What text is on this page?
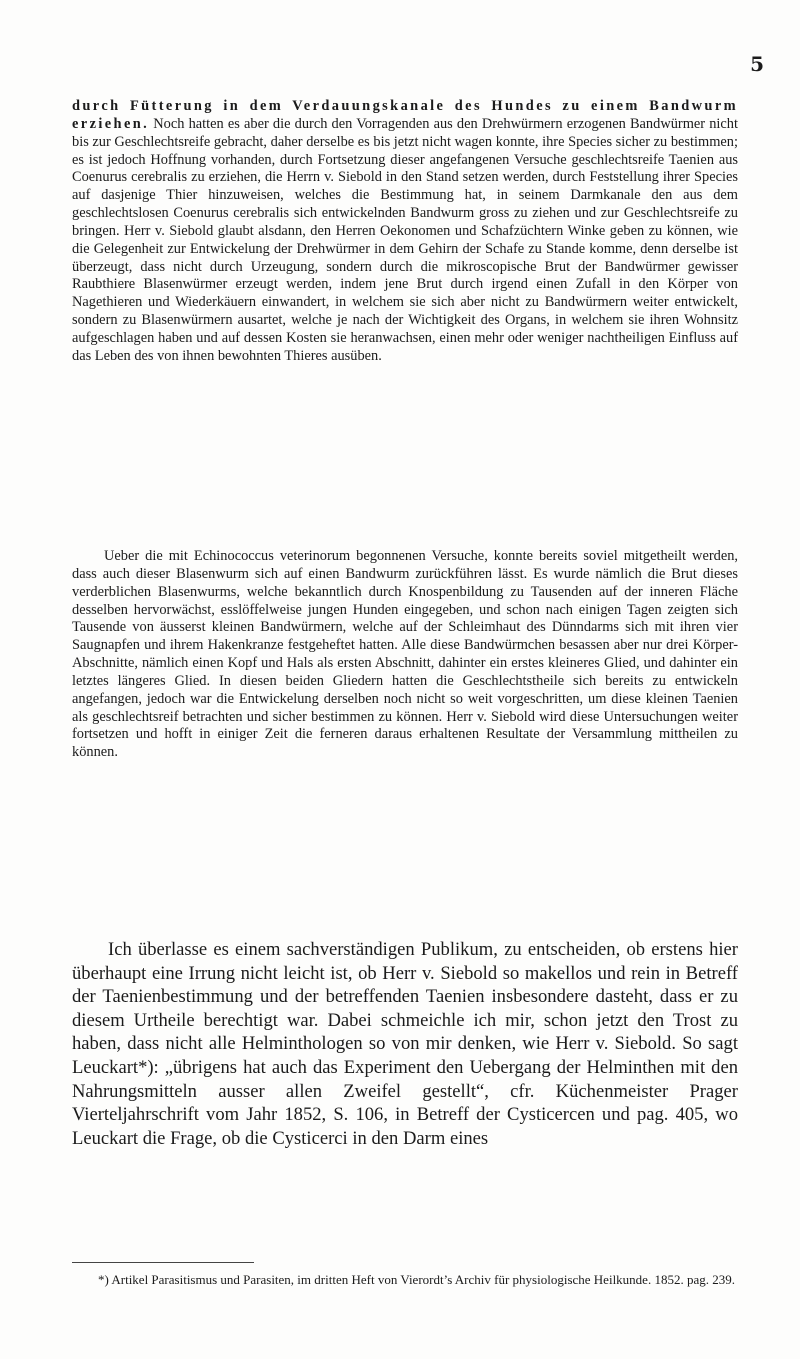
5

durch Fütterung in dem Verdauungskanale des Hundes zu einem Bandwurm erziehen. Noch hatten es aber die durch den Vorragenden aus den Drehwürmern erzogenen Bandwürmer nicht bis zur Geschlechtsreife gebracht, daher derselbe es bis jetzt nicht wagen konnte, ihre Species sicher zu bestimmen; es ist jedoch Hoffnung vorhanden, durch Fortsetzung dieser angefangenen Versuche geschlechtsreife Taenien aus Coenurus cerebralis zu erziehen, die Herrn v. Siebold in den Stand setzen werden, durch Feststellung ihrer Species auf dasjenige Thier hinzuweisen, welches die Bestimmung hat, in seinem Darmkanale den aus dem geschlechtslosen Coenurus cerebralis sich entwickelnden Bandwurm gross zu ziehen und zur Geschlechtsreife zu bringen. Herr v. Siebold glaubt alsdann, den Herren Oekonomen und Schafzüchtern Winke geben zu können, wie die Gelegenheit zur Entwickelung der Drehwürmer in dem Gehirn der Schafe zu Stande komme, denn derselbe ist überzeugt, dass nicht durch Urzeugung, sondern durch die mikroscopische Brut der Bandwürmer gewisser Raubthiere Blasenwürmer erzeugt werden, indem jene Brut durch irgend einen Zufall in den Körper von Nagethieren und Wiederkäuern einwandert, in welchem sie sich aber nicht zu Bandwürmern weiter entwickelt, sondern zu Blasenwürmern ausartet, welche je nach der Wichtigkeit des Organs, in welchem sie ihren Wohnsitz aufgeschlagen haben und auf dessen Kosten sie heranwachsen, einen mehr oder weniger nachtheiligen Einfluss auf das Leben des von ihnen bewohnten Thieres ausüben.

Ueber die mit Echinococcus veterinorum begonnenen Versuche, konnte bereits soviel mitgetheilt werden, dass auch dieser Blasenwurm sich auf einen Bandwurm zurückführen lässt. Es wurde nämlich die Brut dieses verderblichen Blasenwurms, welche bekanntlich durch Knospenbildung zu Tausenden auf der inneren Fläche desselben hervorwächst, esslöffelweise jungen Hunden eingegeben, und schon nach einigen Tagen zeigten sich Tausende von äusserst kleinen Bandwürmern, welche auf der Schleimhaut des Dünndarms sich mit ihren vier Saugnapfen und ihrem Hakenkranze festgeheftet hatten. Alle diese Bandwürmchen besassen aber nur drei Körper-Abschnitte, nämlich einen Kopf und Hals als ersten Abschnitt, dahinter ein erstes kleineres Glied, und dahinter ein letztes längeres Glied. In diesen beiden Gliedern hatten die Geschlechtstheile sich bereits zu entwickeln angefangen, jedoch war die Entwickelung derselben noch nicht so weit vorgeschritten, um diese kleinen Taenien als geschlechtsreif betrachten und sicher bestimmen zu können. Herr v. Siebold wird diese Untersuchungen weiter fortsetzen und hofft in einiger Zeit die ferneren daraus erhaltenen Resultate der Versammlung mittheilen zu können.

Ich überlasse es einem sachverständigen Publikum, zu entscheiden, ob erstens hier überhaupt eine Irrung nicht leicht ist, ob Herr v. Siebold so makellos und rein in Betreff der Taenienbestimmung und der betreffenden Taenien insbesondere dasteht, dass er zu diesem Urtheile berechtigt war. Dabei schmeichle ich mir, schon jetzt den Trost zu haben, dass nicht alle Helminthologen so von mir denken, wie Herr v. Siebold. So sagt Leuckart*): „übrigens hat auch das Experiment den Uebergang der Helminthen mit den Nahrungsmitteln ausser allen Zweifel gestellt“, cfr. Küchenmeister Prager Vierteljahrschrift vom Jahr 1852, S. 106, in Betreff der Cysticercen und pag. 405, wo Leuckart die Frage, ob die Cysticerci in den Darm eines

*) Artikel Parasitismus und Parasiten, im dritten Heft von Vierordt’s Archiv für physiologische Heilkunde. 1852. pag. 239.
